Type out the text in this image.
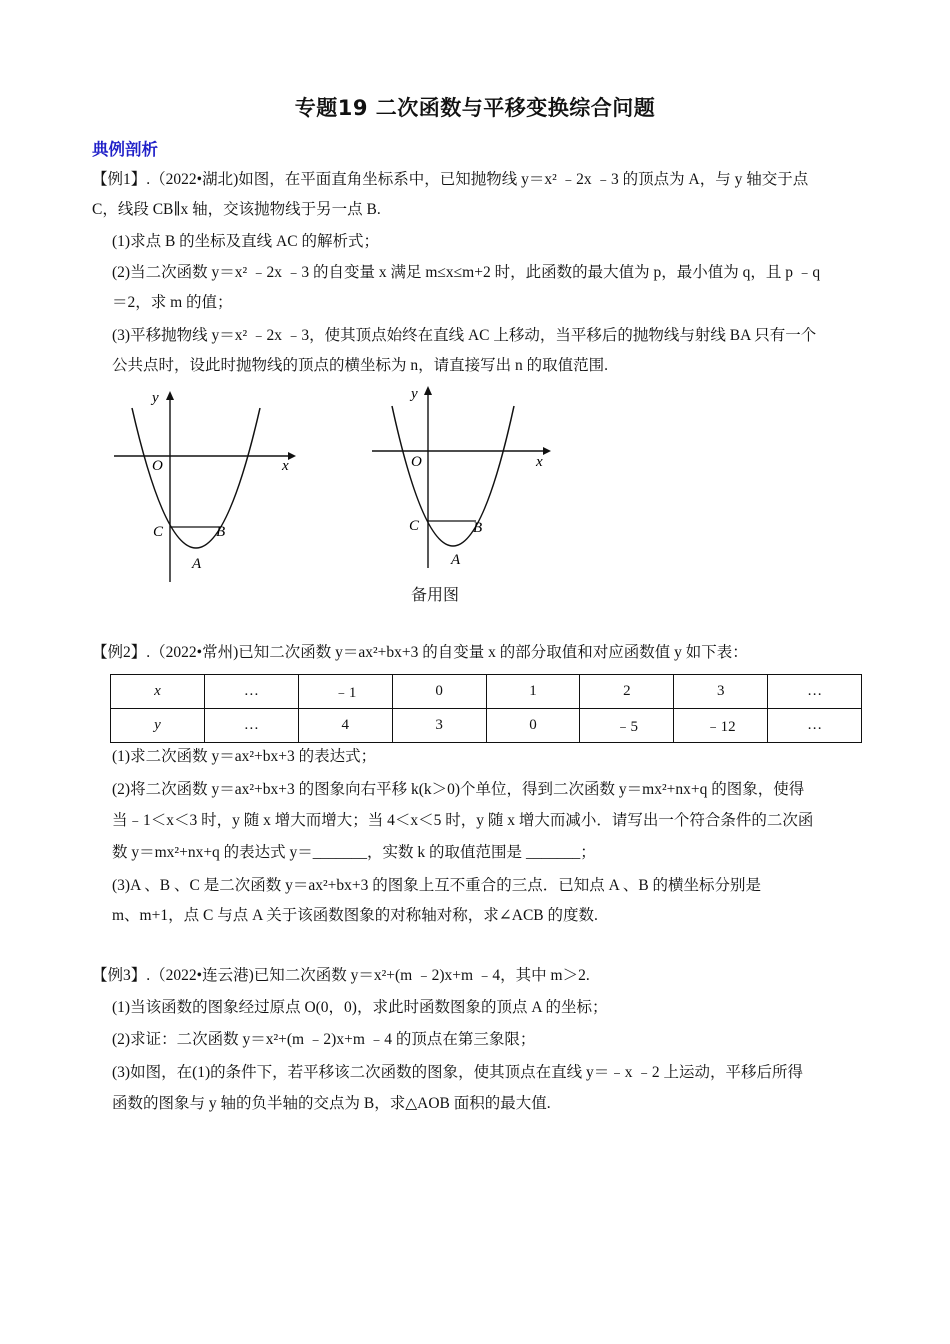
专题19 二次函数与平移变换综合问题
典例剖析
【例1】.（2022•湖北)如图，在平面直角坐标系中，已知抛物线 y＝x² ﹣2x ﹣3 的顶点为 A，与 y 轴交于点
C，线段 CB∥x 轴，交该抛物线于另一点 B.
(1)求点 B 的坐标及直线 AC 的解析式；
(2)当二次函数 y＝x² ﹣2x ﹣3 的自变量 x 满足 m≤x≤m+2 时，此函数的最大值为 p，最小值为 q，且 p ﹣q
＝2，求 m 的值；
(3)平移抛物线 y＝x² ﹣2x ﹣3，使其顶点始终在直线 AC 上移动，当平移后的抛物线与射线 BA 只有一个
公共点时，设此时抛物线的顶点的横坐标为 n，请直接写出 n 的取值范围.
y
x
O
C	B
A
y
x
O
C	B
A
备用图
【例2】.（2022•常州)已知二次函数 y＝ax²+bx+3 的自变量 x 的部分取值和对应函数值 y 如下表：
x	…	﹣1	0	1	2	3	…
y	…	4	3	0	﹣5	﹣12	…
(1)求二次函数 y＝ax²+bx+3 的表达式；
(2)将二次函数 y＝ax²+bx+3 的图象向右平移 k(k＞0)个单位，得到二次函数 y＝mx²+nx+q 的图象，使得
当﹣1＜x＜3 时，y 随 x 增大而增大；当 4＜x＜5 时，y 随 x 增大而减小．请写出一个符合条件的二次函
数 y＝mx²+nx+q 的表达式 y＝_______，实数 k 的取值范围是 _______；
(3)A 、B 、C 是二次函数 y＝ax²+bx+3 的图象上互不重合的三点．已知点 A 、B 的横坐标分别是
m、m+1，点 C 与点 A 关于该函数图象的对称轴对称，求∠ACB 的度数.
【例3】.（2022•连云港)已知二次函数 y＝x²+(m ﹣2)x+m ﹣4，其中 m＞2.
(1)当该函数的图象经过原点 O(0，0)，求此时函数图象的顶点 A 的坐标；
(2)求证：二次函数 y＝x²+(m ﹣2)x+m ﹣4 的顶点在第三象限；
(3)如图，在(1)的条件下，若平移该二次函数的图象，使其顶点在直线 y＝﹣x ﹣2 上运动，平移后所得
函数的图象与 y 轴的负半轴的交点为 B，求△AOB 面积的最大值.
